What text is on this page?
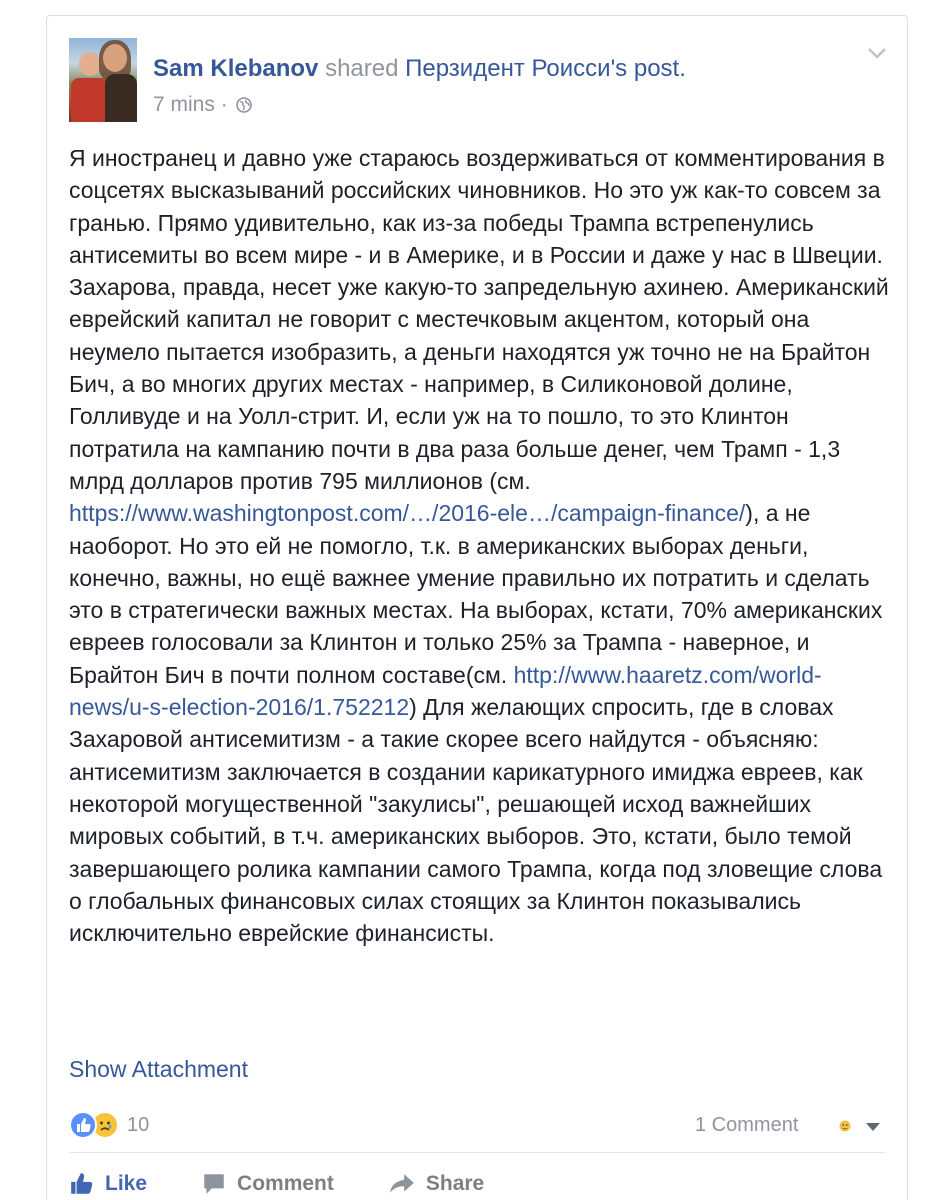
Sam Klebanov shared Перзидент Роисси's post.
7 mins
·

Я иностранец и давно уже стараюсь воздерживаться от комментирования в соцсетях высказываний российских чиновников. Но это уж как-то совсем за гранью. Прямо удивительно, как из-за победы Трампа встрепенулись антисемиты во всем мире - и в Америке, и в России и даже у нас в Швеции. Захарова, правда, несет уже какую-то запредельную ахинею. Американский еврейский капитал не говорит с местечковым акцентом, который она неумело пытается изобразить, а деньги находятся уж точно не на Брайтон Бич, а во многих других местах - например, в Силиконовой долине, Голливуде и на Уолл-стрит. И, если уж на то пошло, то это Клинтон потратила на кампанию почти в два раза больше денег, чем Трамп - 1,3 млрд долларов против 795 миллионов (см. https://www.washingtonpost.com/…/2016-ele…/campaign-finance/), а не наоборот. Но это ей не помогло, т.к. в американских выборах деньги, конечно, важны, но ещё важнее умение правильно их потратить и сделать это в стратегически важных местах. На выборах, кстати, 70% американских евреев голосовали за Клинтон и только 25% за Трампа - наверное, и Брайтон Бич в почти полном составе(см. http://www.haaretz.com/world-news/u-s-election-2016/1.752212) Для желающих спросить, где в словах Захаровой антисемитизм - а такие скорее всего найдутся - объясняю: антисемитизм заключается в создании карикатурного имиджа евреев, как некоторой могущественной "закулисы", решающей исход важнейших мировых событий, в т.ч. американских выборов. Это, кстати, было темой завершающего ролика кампании самого Трампа, когда под зловещие слова о глобальных финансовых силах стоящих за Клинтон показывались исключительно еврейские финансисты.

Show Attachment
10	1 Comment
Like	Comment	Share
